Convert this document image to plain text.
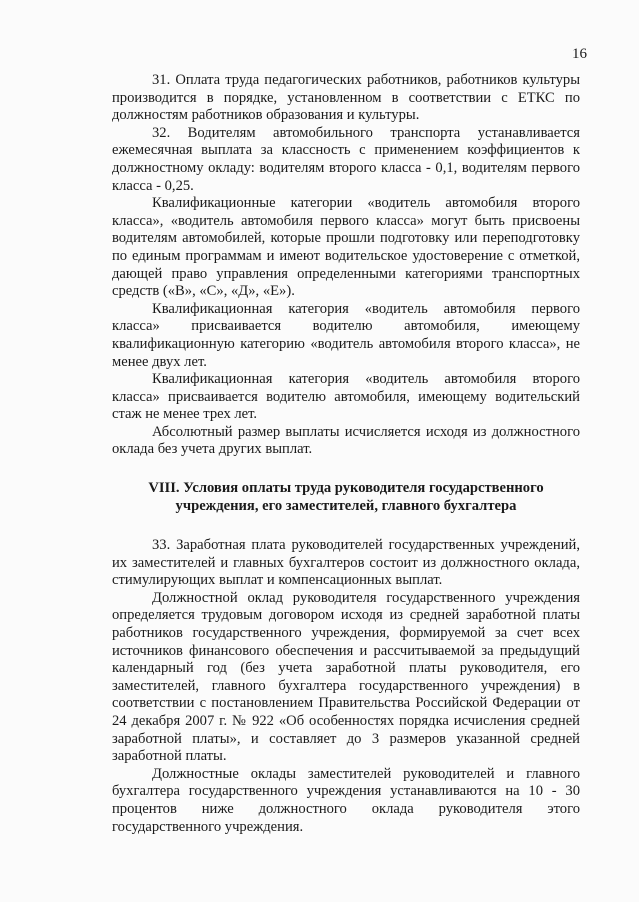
16

31. Оплата труда педагогических работников, работников культуры производится в порядке, установленном в соответствии с ЕТКС по должностям работников образования и культуры.

32. Водителям автомобильного транспорта устанавливается ежемесячная выплата за классность с применением коэффициентов к должностному окладу: водителям второго класса - 0,1, водителям первого класса - 0,25.

Квалификационные категории «водитель автомобиля второго класса», «водитель автомобиля первого класса» могут быть присвоены водителям автомобилей, которые прошли подготовку или переподготовку по единым программам и имеют водительское удостоверение с отметкой, дающей право управления определенными категориями транспортных средств («В», «С», «Д», «Е»).

Квалификационная категория «водитель автомобиля первого класса» присваивается водителю автомобиля, имеющему квалификационную категорию «водитель автомобиля второго класса», не менее двух лет.

Квалификационная категория «водитель автомобиля второго класса» присваивается водителю автомобиля, имеющему водительский стаж не менее трех лет.

Абсолютный размер выплаты исчисляется исходя из должностного оклада без учета других выплат.

VIII. Условия оплаты труда руководителя государственного
учреждения, его заместителей, главного бухгалтера

33. Заработная плата руководителей государственных учреждений, их заместителей и главных бухгалтеров состоит из должностного оклада, стимулирующих выплат и компенсационных выплат.

Должностной оклад руководителя государственного учреждения определяется трудовым договором исходя из средней заработной платы работников государственного учреждения, формируемой за счет всех источников финансового обеспечения и рассчитываемой за предыдущий календарный год (без учета заработной платы руководителя, его заместителей, главного бухгалтера государственного учреждения) в соответствии с постановлением Правительства Российской Федерации от 24 декабря 2007 г. № 922 «Об особенностях порядка исчисления средней заработной платы», и составляет до 3 размеров указанной средней заработной платы.

Должностные оклады заместителей руководителей и главного бухгалтера государственного учреждения устанавливаются на 10 - 30 процентов ниже должностного оклада руководителя этого государственного учреждения.
